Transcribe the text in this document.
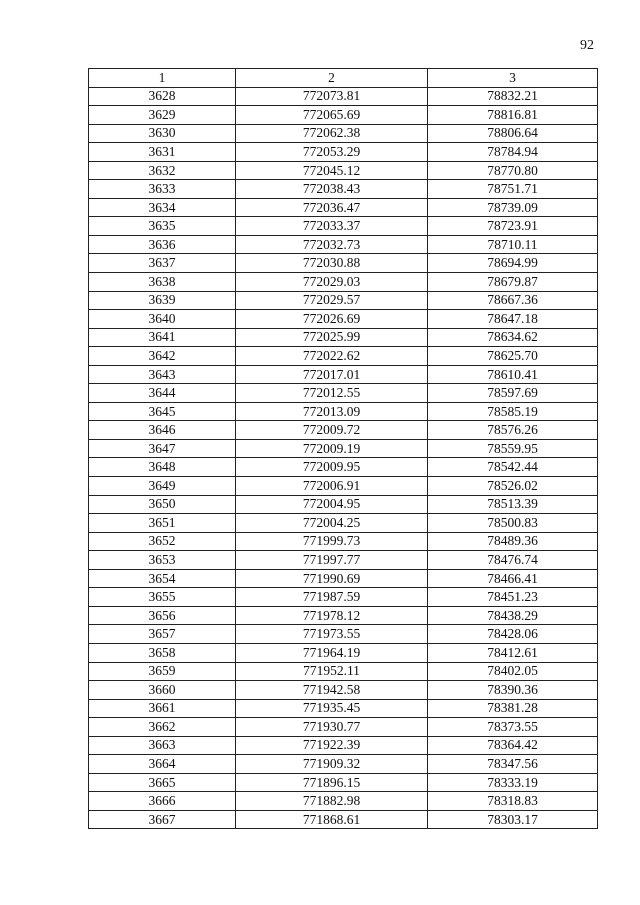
92
1	2	3
3628	772073.81	78832.21
3629	772065.69	78816.81
3630	772062.38	78806.64
3631	772053.29	78784.94
3632	772045.12	78770.80
3633	772038.43	78751.71
3634	772036.47	78739.09
3635	772033.37	78723.91
3636	772032.73	78710.11
3637	772030.88	78694.99
3638	772029.03	78679.87
3639	772029.57	78667.36
3640	772026.69	78647.18
3641	772025.99	78634.62
3642	772022.62	78625.70
3643	772017.01	78610.41
3644	772012.55	78597.69
3645	772013.09	78585.19
3646	772009.72	78576.26
3647	772009.19	78559.95
3648	772009.95	78542.44
3649	772006.91	78526.02
3650	772004.95	78513.39
3651	772004.25	78500.83
3652	771999.73	78489.36
3653	771997.77	78476.74
3654	771990.69	78466.41
3655	771987.59	78451.23
3656	771978.12	78438.29
3657	771973.55	78428.06
3658	771964.19	78412.61
3659	771952.11	78402.05
3660	771942.58	78390.36
3661	771935.45	78381.28
3662	771930.77	78373.55
3663	771922.39	78364.42
3664	771909.32	78347.56
3665	771896.15	78333.19
3666	771882.98	78318.83
3667	771868.61	78303.17
